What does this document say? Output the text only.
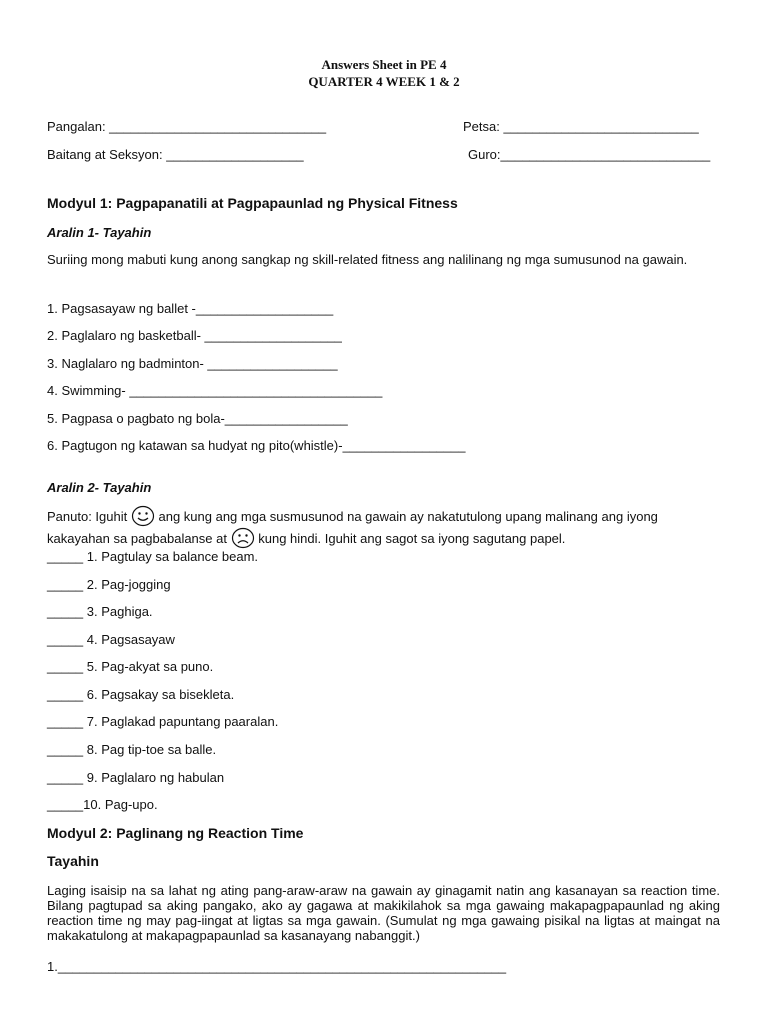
Answers Sheet in PE 4
QUARTER 4 WEEK 1 & 2
Pangalan: ______________________________	Petsa: ___________________________
Baitang at Seksyon: ___________________	Guro:_____________________________
Modyul 1: Pagpapanatili at Pagpapaunlad ng Physical Fitness
Aralin 1- Tayahin
Suriing mong mabuti kung anong sangkap ng skill-related fitness ang nalilinang ng mga sumusunod na gawain.
1. Pagsasayaw ng ballet -___________________
2. Paglalaro ng basketball- ___________________
3. Naglalaro ng badminton- __________________
4. Swimming- ___________________________________
5. Pagpasa o pagbato ng bola-_________________
6. Pagtugon ng katawan sa hudyat ng pito(whistle)-_________________
Aralin 2- Tayahin
Panuto: Iguhit ang kung ang mga susmusunod na gawain ay nakatutulong upang malinang ang iyong
kakayahan sa pagbabalanse at kung hindi. Iguhit ang sagot sa iyong sagutang papel.
_____ 1. Pagtulay sa balance beam.
_____ 2. Pag-jogging
_____ 3. Paghiga.
_____ 4. Pagsasayaw
_____ 5. Pag-akyat sa puno.
_____ 6. Pagsakay sa bisekleta.
_____ 7. Paglakad papuntang paaralan.
_____ 8. Pag tip-toe sa balle.
_____ 9. Paglalaro ng habulan
_____10. Pag-upo.
Modyul 2: Paglinang ng Reaction Time
Tayahin
Laging isaisip na sa lahat ng ating pang-araw-araw na gawain ay ginagamit natin ang kasanayan sa reaction time. Bilang pagtupad sa aking pangako, ako ay gagawa at makikilahok sa mga gawaing makapagpapaunlad ng aking reaction time ng may pag-iingat at ligtas sa mga gawain. (Sumulat ng mga gawaing pisikal na ligtas at maingat na makakatulong at makapagpapaunlad sa kasanayang nabanggit.)
1.______________________________________________________________
